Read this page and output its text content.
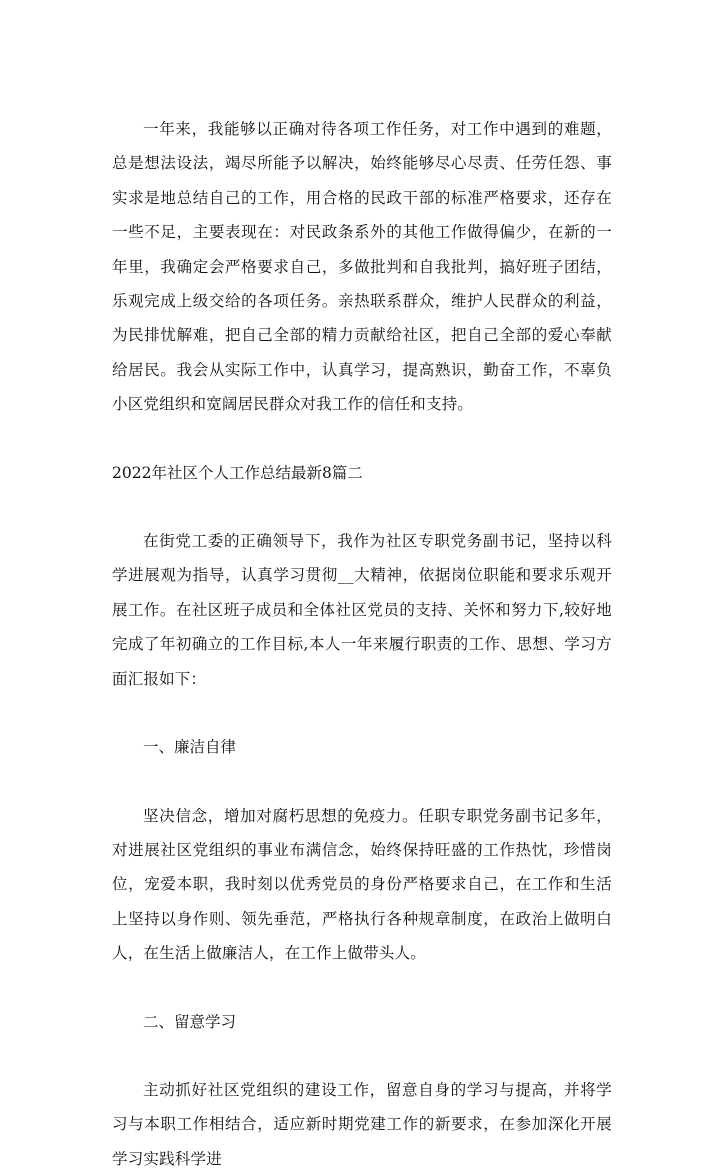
一年来，我能够以正确对待各项工作任务，对工作中遇到的难题，总是想法设法，竭尽所能予以解决，始终能够尽心尽责、任劳任怨、事实求是地总结自己的工作，用合格的民政干部的标准严格要求，还存在一些不足，主要表现在：对民政条系外的其他工作做得偏少，在新的一年里，我确定会严格要求自己，多做批判和自我批判，搞好班子团结，乐观完成上级交给的各项任务。亲热联系群众，维护人民群众的利益，为民排忧解难，把自己全部的精力贡献给社区，把自己全部的爱心奉献给居民。我会从实际工作中，认真学习，提高熟识，勤奋工作，不辜负小区党组织和宽阔居民群众对我工作的信任和支持。

2022年社区个人工作总结最新8篇二

在街党工委的正确领导下，我作为社区专职党务副书记，坚持以科学进展观为指导，认真学习贯彻__大精神，依据岗位职能和要求乐观开展工作。在社区班子成员和全体社区党员的支持、关怀和努力下,较好地完成了年初确立的工作目标,本人一年来履行职责的工作、思想、学习方面汇报如下：

一、廉洁自律

坚决信念，增加对腐朽思想的免疫力。任职专职党务副书记多年，对进展社区党组织的事业布满信念，始终保持旺盛的工作热忱，珍惜岗位，宠爱本职，我时刻以优秀党员的身份严格要求自己，在工作和生活上坚持以身作则、领先垂范，严格执行各种规章制度，在政治上做明白人，在生活上做廉洁人，在工作上做带头人。

二、留意学习

主动抓好社区党组织的建设工作，留意自身的学习与提高，并将学习与本职工作相结合，适应新时期党建工作的新要求，在参加深化开展学习实践科学进
